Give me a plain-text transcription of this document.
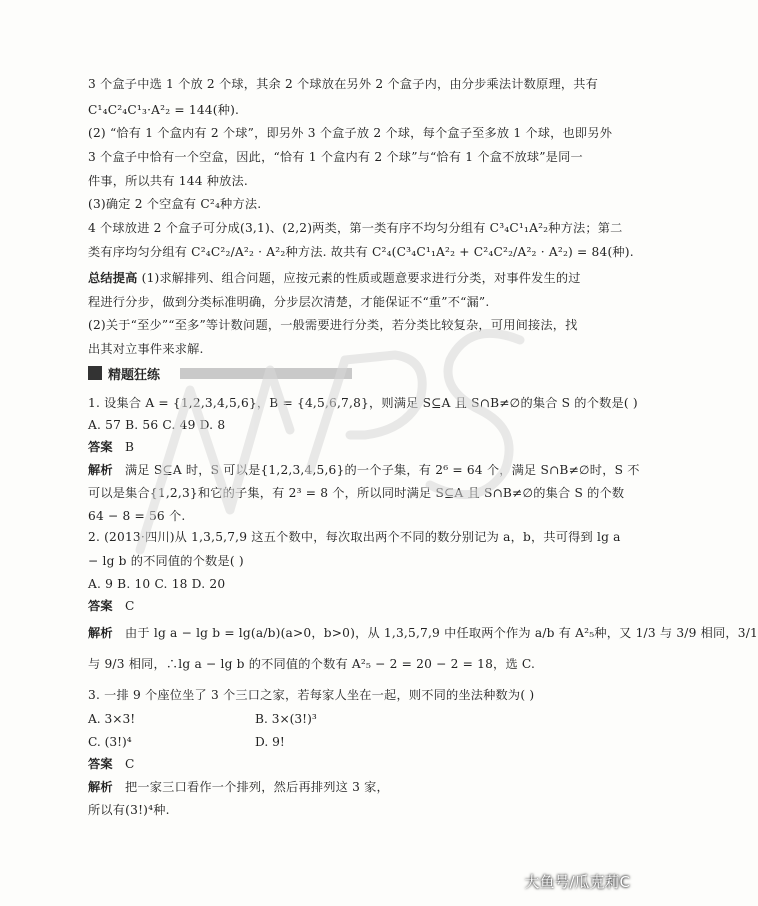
3 个盒子中选 1 个放 2 个球，其余 2 个球放在另外 2 个盒子内，由分步乘法计数原理，共有
C¹₄C²₄C¹₃·A²₂ = 144(种).
(2) “恰有 1 个盒内有 2 个球”，即另外 3 个盒子放 2 个球，每个盒子至多放 1 个球，也即另外
3 个盒子中恰有一个空盒，因此，“恰有 1 个盒内有 2 个球”与“恰有 1 个盒不放球”是同一
件事，所以共有 144 种放法.
(3)确定 2 个空盒有 C²₄种方法.
4 个球放进 2 个盒子可分成(3,1)、(2,2)两类，第一类有序不均匀分组有 C³₄C¹₁A²₂种方法；第二
类有序均匀分组有 C²₄C²₂/A²₂ · A²₂种方法. 故共有 C²₄(C³₄C¹₁A²₂ + C²₄C²₂/A²₂ · A²₂) = 84(种).
总结提高 (1)求解排列、组合问题，应按元素的性质或题意要求进行分类，对事件发生的过
程进行分步，做到分类标准明确，分步层次清楚，才能保证不“重”不“漏”.
(2)关于“至少”“至多”等计数问题，一般需要进行分类，若分类比较复杂，可用间接法，找
出其对立事件来求解.
精题狂练
1. 设集合 A = {1,2,3,4,5,6}，B = {4,5,6,7,8}，则满足 S⊆A 且 S∩B≠∅的集合 S 的个数是( )
A. 57 B. 56 C. 49 D. 8
答案 B
解析 满足 S⊆A 时，S 可以是{1,2,3,4,5,6}的一个子集，有 2⁶ = 64 个，满足 S∩B≠∅时，S 不
可以是集合{1,2,3}和它的子集，有 2³ = 8 个，所以同时满足 S⊆A 且 S∩B≠∅的集合 S 的个数
64 − 8 = 56 个.
2. (2013·四川)从 1,3,5,7,9 这五个数中，每次取出两个不同的数分别记为 a，b，共可得到 lg a
− lg b 的不同值的个数是( )
A. 9 B. 10 C. 18 D. 20
答案 C
解析 由于 lg a − lg b = lg(a/b)(a>0，b>0)，从 1,3,5,7,9 中任取两个作为 a/b 有 A²₅种，又 1/3 与 3/9 相同，3/1
与 9/3 相同，∴lg a − lg b 的不同值的个数有 A²₅ − 2 = 20 − 2 = 18，选 C.
3. 一排 9 个座位坐了 3 个三口之家，若每家人坐在一起，则不同的坐法种数为( )
A. 3×3!	B. 3×(3!)³
C. (3!)⁴	D. 9!
答案 C
解析 把一家三口看作一个排列，然后再排列这 3 家，
所以有(3!)⁴种.
大鱼号/瓜克莉C
